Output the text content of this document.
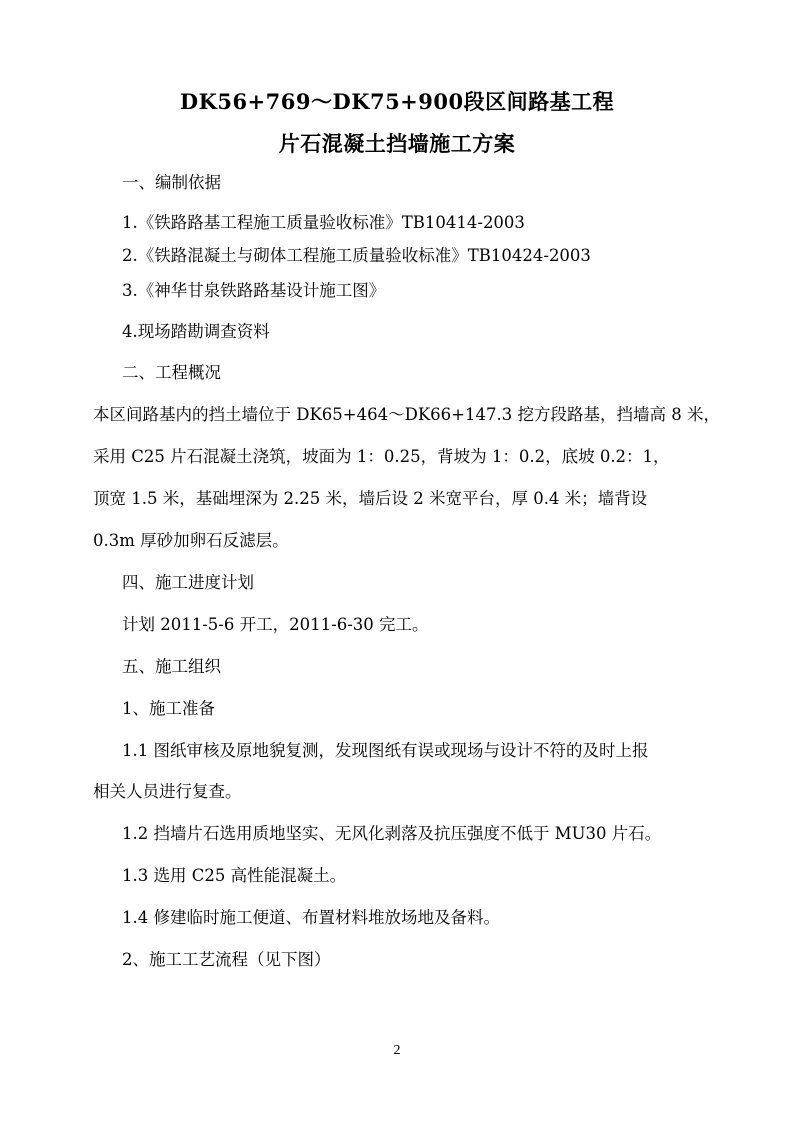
DK56+769～DK75+900段区间路基工程
片石混凝土挡墙施工方案
一、编制依据
1.《铁路路基工程施工质量验收标准》TB10414-2003
2.《铁路混凝土与砌体工程施工质量验收标准》TB10424-2003
3.《神华甘泉铁路路基设计施工图》
4.现场踏勘调查资料
二、工程概况
本区间路基内的挡土墙位于 DK65+464～DK66+147.3 挖方段路基，挡墙高 8 米，
采用 C25 片石混凝土浇筑，坡面为 1：0.25，背坡为 1：0.2，底坡 0.2：1，
顶宽 1.5 米，基础埋深为 2.25 米，墙后设 2 米宽平台，厚 0.4 米；墙背设
0.3m 厚砂加卵石反滤层。
四、施工进度计划
计划 2011-5-6 开工，2011-6-30 完工。
五、施工组织
1、施工准备
1.1 图纸审核及原地貌复测，发现图纸有误或现场与设计不符的及时上报
相关人员进行复查。
1.2 挡墙片石选用质地坚实、无风化剥落及抗压强度不低于 MU30 片石。
1.3 选用 C25 高性能混凝土。
1.4 修建临时施工便道、布置材料堆放场地及备料。
2、施工工艺流程（见下图）
2
